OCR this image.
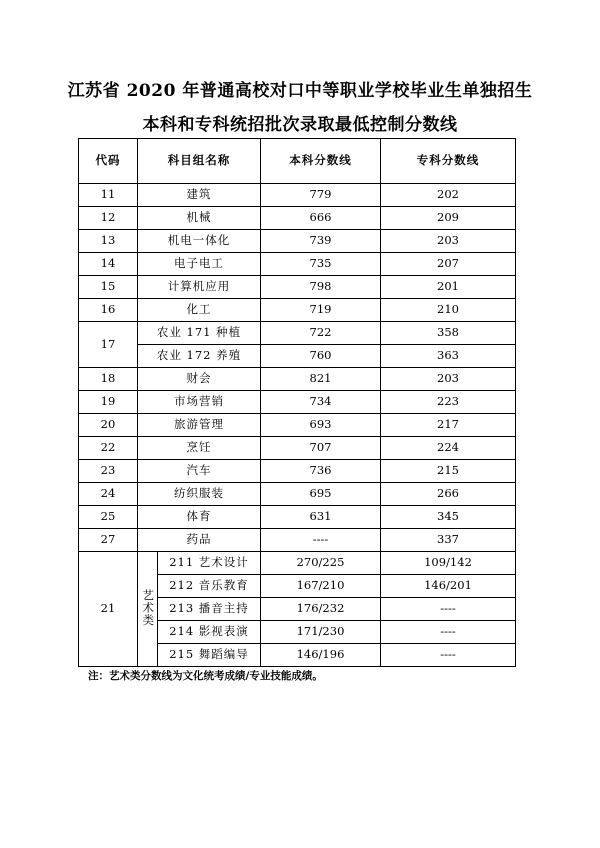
江苏省 2020 年普通高校对口中等职业学校毕业生单独招生
本科和专科统招批次录取最低控制分数线
代码	科目组名称		本科分数线	专科分数线
11	建筑		779	202
12	机械		666	209
13	机电一体化		739	203
14	电子电工		735	207
15	计算机应用		798	201
16	化工		719	210
17	农业 171 种植		722	358
	农业 172 养殖		760	363
18	财会		821	203
19	市场营销		734	223
20	旅游管理		693	217
22	烹饪		707	224
23	汽车		736	215
24	纺织服装		695	266
25	体育		631	345
27	药品		----	337
21	艺术类	211 艺术设计	270/225	109/142
		212 音乐教育	167/210	146/201
		213 播音主持	176/232	----
		214 影视表演	171/230	----
		215 舞蹈编导	146/196	----
注：艺术类分数线为文化统考成绩/专业技能成绩。
